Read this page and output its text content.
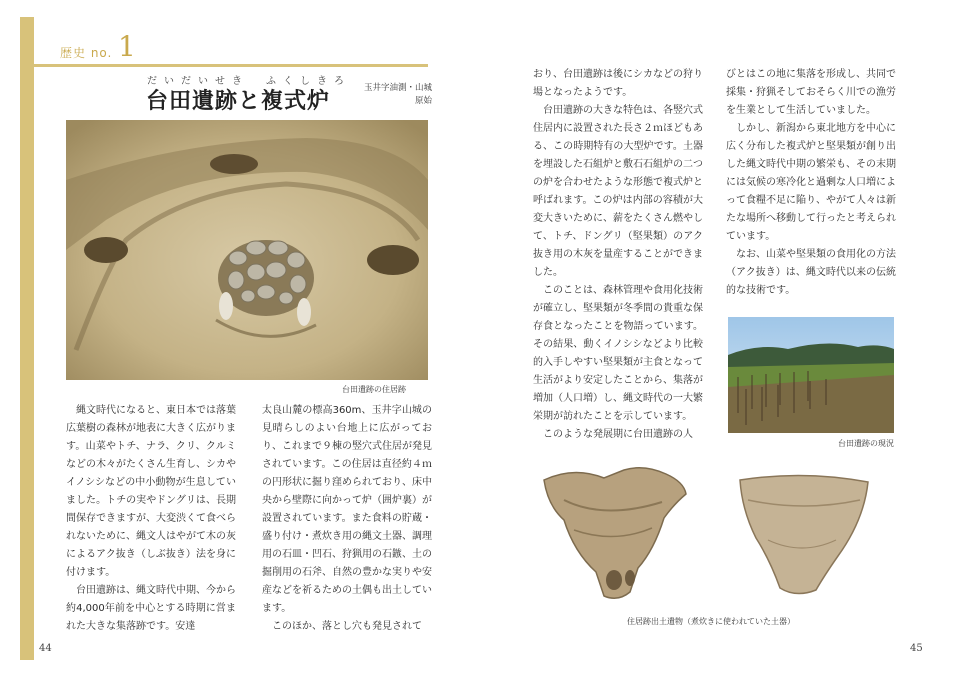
歴史 no. 1
だいだいせき　ふくしきろ
台田遺跡と複式炉	玉井字油測・山城
原始
台田遺跡の住居跡

縄文時代になると、東日本では落葉広葉樹の森林が地表に大きく広がります。山菜やトチ、ナラ、クリ、クルミなどの木々がたくさん生育し、シカやイノシシなどの中小動物が生息していました。トチの実やドングリは、長期間保存できますが、大変渋くて食べられないために、縄文人はやがて木の灰によるアク抜き（しぶ抜き）法を身に付けます。

台田遺跡は、縄文時代中期、今から約4,000年前を中心とする時期に営まれた大きな集落跡です。安達

太良山麓の標高360m、玉井字山城の見晴らしのよい台地上に広がっており、これまで９棟の竪穴式住居が発見されています。この住居は直径約４ｍの円形状に掘り窪められており、床中央から壁際に向かって炉（囲炉裏）が設置されています。また食料の貯蔵・盛り付け・煮炊き用の縄文土器、調理用の石皿・凹石、狩猟用の石鏃、土の掘削用の石斧、自然の豊かな実りや安産などを祈るための土偶も出土しています。

このほか、落とし穴も発見されて

おり、台田遺跡は後にシカなどの狩り場となったようです。

台田遺跡の大きな特色は、各竪穴式住居内に設置された長さ２ｍほどもある、この時期特有の大型炉です。土器を埋設した石組炉と敷石石組炉の二つの炉を合わせたような形態で複式炉と呼ばれます。この炉は内部の容積が大変大きいために、薪をたくさん燃やして、トチ、ドングリ（堅果類）のアク抜き用の木灰を量産することができました。

このことは、森林管理や食用化技術が確立し、堅果類が冬季間の貴重な保存食となったことを物語っています。その結果、動くイノシシなどより比較的入手しやすい堅果類が主食となって生活がより安定したことから、集落が増加（人口増）し、縄文時代の一大繁栄期が訪れたことを示しています。

このような発展期に台田遺跡の人

びとはこの地に集落を形成し、共同で採集・狩猟そしておそらく川での漁労を生業として生活していました。

しかし、新潟から東北地方を中心に広く分布した複式炉と堅果類が創り出した縄文時代中期の繁栄も、その末期には気候の寒冷化と過剰な人口増によって食糧不足に陥り、やがて人々は新たな場所へ移動して行ったと考えられています。

なお、山菜や堅果類の食用化の方法（アク抜き）は、縄文時代以来の伝統的な技術です。

台田遺跡の現況
住居跡出土遺物（煮炊きに使われていた土器）
44	45
